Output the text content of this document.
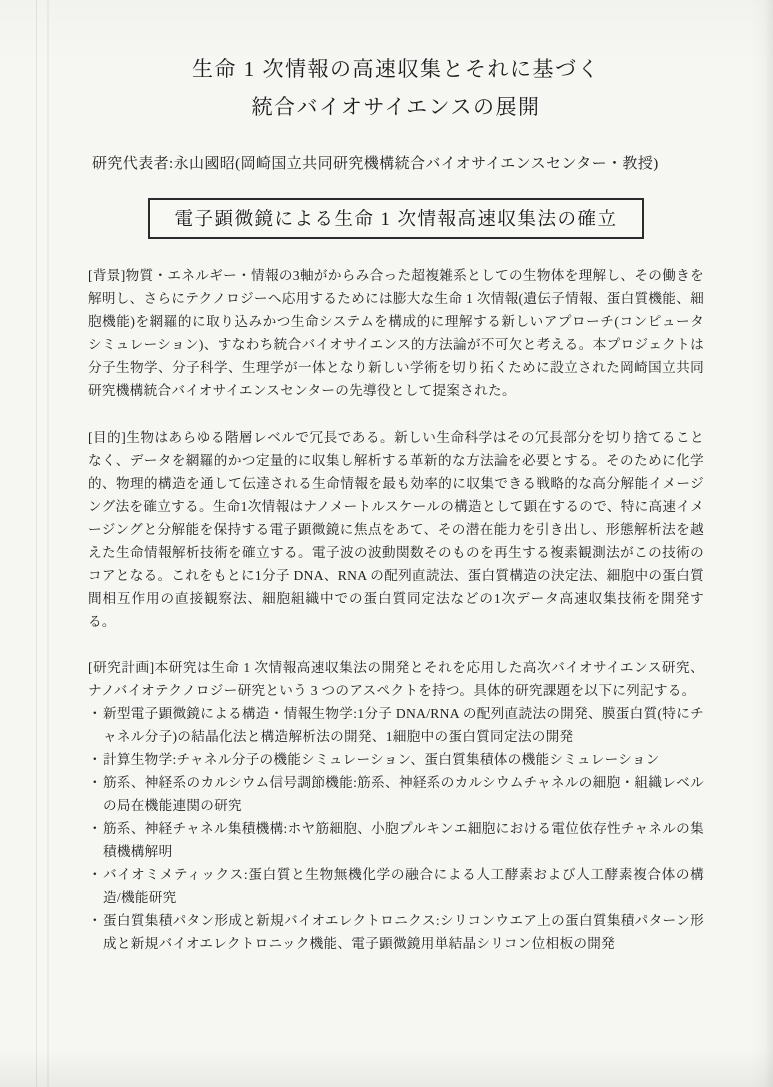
生命 1 次情報の高速収集とそれに基づく
統合バイオサイエンスの展開

研究代表者:永山國昭(岡崎国立共同研究機構統合バイオサイエンスセンター・教授)

電子顕微鏡による生命 1 次情報高速収集法の確立

[背景]物質・エネルギー・情報の3軸がからみ合った超複雑系としての生物体を理解し、その働きを解明し、さらにテクノロジーへ応用するためには膨大な生命 1 次情報(遺伝子情報、蛋白質機能、細胞機能)を網羅的に取り込みかつ生命システムを構成的に理解する新しいアプローチ(コンピュータシミュレーション)、すなわち統合バイオサイエンス的方法論が不可欠と考える。本プロジェクトは分子生物学、分子科学、生理学が一体となり新しい学術を切り拓くために設立された岡崎国立共同研究機構統合バイオサイエンスセンターの先導役として提案された。

[目的]生物はあらゆる階層レベルで冗長である。新しい生命科学はその冗長部分を切り捨てることなく、データを網羅的かつ定量的に収集し解析する革新的な方法論を必要とする。そのために化学的、物理的構造を通して伝達される生命情報を最も効率的に収集できる戦略的な高分解能イメージング法を確立する。生命1次情報はナノメートルスケールの構造として顕在するので、特に高速イメージングと分解能を保持する電子顕微鏡に焦点をあて、その潜在能力を引き出し、形態解析法を越えた生命情報解析技術を確立する。電子波の波動関数そのものを再生する複素観測法がこの技術のコアとなる。これをもとに1分子 DNA、RNA の配列直読法、蛋白質構造の決定法、細胞中の蛋白質間相互作用の直接観察法、細胞組織中での蛋白質同定法などの1次データ高速収集技術を開発する。

[研究計画]本研究は生命 1 次情報高速収集法の開発とそれを応用した高次バイオサイエンス研究、ナノバイオテクノロジー研究という 3 つのアスペクトを持つ。具体的研究課題を以下に列記する。

・ 新型電子顕微鏡による構造・情報生物学:1分子 DNA/RNA の配列直読法の開発、膜蛋白質(特にチャネル分子)の結晶化法と構造解析法の開発、1細胞中の蛋白質同定法の開発
・ 計算生物学:チャネル分子の機能シミュレーション、蛋白質集積体の機能シミュレーション
・ 筋系、神経系のカルシウム信号調節機能:筋系、神経系のカルシウムチャネルの細胞・組織レベルの局在機能連関の研究
・ 筋系、神経チャネル集積機構:ホヤ筋細胞、小胞プルキンエ細胞における電位依存性チャネルの集積機構解明
・ バイオミメティックス:蛋白質と生物無機化学の融合による人工酵素および人工酵素複合体の構造/機能研究
・ 蛋白質集積パタン形成と新規バイオエレクトロニクス:シリコンウエア上の蛋白質集積パターン形成と新規バイオエレクトロニック機能、電子顕微鏡用単結晶シリコン位相板の開発
